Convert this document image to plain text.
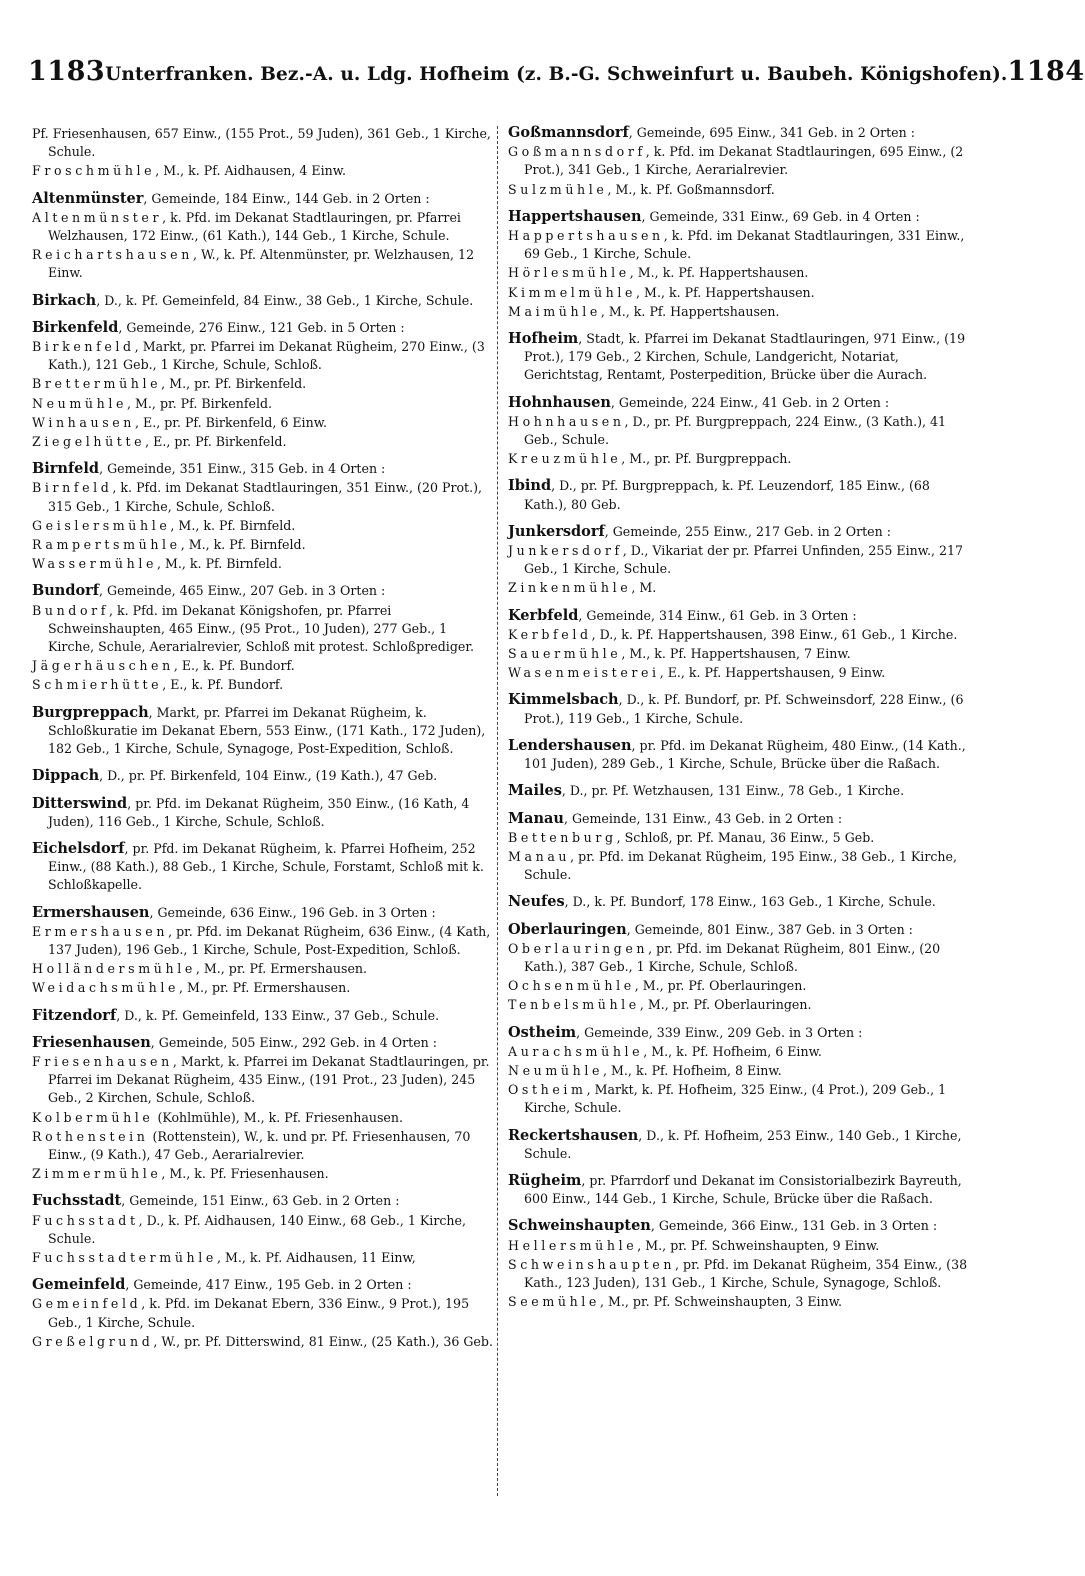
1183 Unterfranken. Bez.-A. u. Ldg. Hofheim (z. B.-G. Schweinfurt u. Baubeh. Königshofen). 1184

Pf. Friesenhausen, 657 Einw., (155 Prot., 59 Juden), 361 Geb., 1 Kirche, Schule.

Froschmühle, M., k. Pf. Aidhausen, 4 Einw.

Altenmünster, Gemeinde, 184 Einw., 144 Geb. in 2 Orten :

Altenmünster, k. Pfd. im Dekanat Stadtlauringen, pr. Pfarrei Welzhausen, 172 Einw., (61 Kath.), 144 Geb., 1 Kirche, Schule.

Reichartshausen, W., k. Pf. Altenmünster, pr. Welzhausen, 12 Einw.

Birkach, D., k. Pf. Gemeinfeld, 84 Einw., 38 Geb., 1 Kirche, Schule.

Birkenfeld, Gemeinde, 276 Einw., 121 Geb. in 5 Orten :

Birkenfeld, Markt, pr. Pfarrei im Dekanat Rügheim, 270 Einw., (3 Kath.), 121 Geb., 1 Kirche, Schule, Schloß.

Brettermühle, M., pr. Pf. Birkenfeld.

Neumühle, M., pr. Pf. Birkenfeld.

Winhausen, E., pr. Pf. Birkenfeld, 6 Einw.

Ziegelhütte, E., pr. Pf. Birkenfeld.

Birnfeld, Gemeinde, 351 Einw., 315 Geb. in 4 Orten :

Birnfeld, k. Pfd. im Dekanat Stadtlauringen, 351 Einw., (20 Prot.), 315 Geb., 1 Kirche, Schule, Schloß.

Geislersmühle, M., k. Pf. Birnfeld.

Rampertsmühle, M., k. Pf. Birnfeld.

Wassermühle, M., k. Pf. Birnfeld.

Bundorf, Gemeinde, 465 Einw., 207 Geb. in 3 Orten :

Bundorf, k. Pfd. im Dekanat Königshofen, pr. Pfarrei Schweinshaupten, 465 Einw., (95 Prot., 10 Juden), 277 Geb., 1 Kirche, Schule, Aerarialrevier, Schloß mit protest. Schloßprediger.

Jägerhäuschen, E., k. Pf. Bundorf.

Schmierhütte, E., k. Pf. Bundorf.

Burgpreppach, Markt, pr. Pfarrei im Dekanat Rügheim, k. Schloßkuratie im Dekanat Ebern, 553 Einw., (171 Kath., 172 Juden), 182 Geb., 1 Kirche, Schule, Synagoge, Post-Expedition, Schloß.

Dippach, D., pr. Pf. Birkenfeld, 104 Einw., (19 Kath.), 47 Geb.

Ditterswind, pr. Pfd. im Dekanat Rügheim, 350 Einw., (16 Kath, 4 Juden), 116 Geb., 1 Kirche, Schule, Schloß.

Eichelsdorf, pr. Pfd. im Dekanat Rügheim, k. Pfarrei Hofheim, 252 Einw., (88 Kath.), 88 Geb., 1 Kirche, Schule, Forstamt, Schloß mit k. Schloßkapelle.

Ermershausen, Gemeinde, 636 Einw., 196 Geb. in 3 Orten :

Ermershausen, pr. Pfd. im Dekanat Rügheim, 636 Einw., (4 Kath, 137 Juden), 196 Geb., 1 Kirche, Schule, Post-Expedition, Schloß.

Holländersmühle, M., pr. Pf. Ermershausen.

Weidachsmühle, M., pr. Pf. Ermershausen.

Fitzendorf, D., k. Pf. Gemeinfeld, 133 Einw., 37 Geb., Schule.

Friesenhausen, Gemeinde, 505 Einw., 292 Geb. in 4 Orten :

Friesenhausen, Markt, k. Pfarrei im Dekanat Stadtlauringen, pr. Pfarrei im Dekanat Rügheim, 435 Einw., (191 Prot., 23 Juden), 245 Geb., 2 Kirchen, Schule, Schloß.

Kolbermühle (Kohlmühle), M., k. Pf. Friesenhausen.

Rothenstein (Rottenstein), W., k. und pr. Pf. Friesenhausen, 70 Einw., (9 Kath.), 47 Geb., Aerarialrevier.

Zimmermühle, M., k. Pf. Friesenhausen.

Fuchsstadt, Gemeinde, 151 Einw., 63 Geb. in 2 Orten :

Fuchsstadt, D., k. Pf. Aidhausen, 140 Einw., 68 Geb., 1 Kirche, Schule.

Fuchsstadtermühle, M., k. Pf. Aidhausen, 11 Einw,

Gemeinfeld, Gemeinde, 417 Einw., 195 Geb. in 2 Orten :

Gemeinfeld, k. Pfd. im Dekanat Ebern, 336 Einw., 9 Prot.), 195 Geb., 1 Kirche, Schule.

Greßelgrund, W., pr. Pf. Ditterswind, 81 Einw., (25 Kath.), 36 Geb.

Goßmannsdorf, Gemeinde, 695 Einw., 341 Geb. in 2 Orten :

Goßmannsdorf, k. Pfd. im Dekanat Stadtlauringen, 695 Einw., (2 Prot.), 341 Geb., 1 Kirche, Aerarialrevier.

Sulzmühle, M., k. Pf. Goßmannsdorf.

Happertshausen, Gemeinde, 331 Einw., 69 Geb. in 4 Orten :

Happertshausen, k. Pfd. im Dekanat Stadtlauringen, 331 Einw., 69 Geb., 1 Kirche, Schule.

Hörlesmühle, M., k. Pf. Happertshausen.

Kimmelmühle, M., k. Pf. Happertshausen.

Maimühle, M., k. Pf. Happertshausen.

Hofheim, Stadt, k. Pfarrei im Dekanat Stadtlauringen, 971 Einw., (19 Prot.), 179 Geb., 2 Kirchen, Schule, Landgericht, Notariat, Gerichtstag, Rentamt, Posterpedition, Brücke über die Aurach.

Hohnhausen, Gemeinde, 224 Einw., 41 Geb. in 2 Orten :

Hohnhausen, D., pr. Pf. Burgpreppach, 224 Einw., (3 Kath.), 41 Geb., Schule.

Kreuzmühle, M., pr. Pf. Burgpreppach.

Ibind, D., pr. Pf. Burgpreppach, k. Pf. Leuzendorf, 185 Einw., (68 Kath.), 80 Geb.

Junkersdorf, Gemeinde, 255 Einw., 217 Geb. in 2 Orten :

Junkersdorf, D., Vikariat der pr. Pfarrei Unfinden, 255 Einw., 217 Geb., 1 Kirche, Schule.

Zinkenmühle, M.

Kerbfeld, Gemeinde, 314 Einw., 61 Geb. in 3 Orten :

Kerbfeld, D., k. Pf. Happertshausen, 398 Einw., 61 Geb., 1 Kirche.

Sauermühle, M., k. Pf. Happertshausen, 7 Einw.

Wasenmeisterei, E., k. Pf. Happertshausen, 9 Einw.

Kimmelsbach, D., k. Pf. Bundorf, pr. Pf. Schweinsdorf, 228 Einw., (6 Prot.), 119 Geb., 1 Kirche, Schule.

Lendershausen, pr. Pfd. im Dekanat Rügheim, 480 Einw., (14 Kath., 101 Juden), 289 Geb., 1 Kirche, Schule, Brücke über die Raßach.

Mailes, D., pr. Pf. Wetzhausen, 131 Einw., 78 Geb., 1 Kirche.

Manau, Gemeinde, 131 Einw., 43 Geb. in 2 Orten :

Bettenburg, Schloß, pr. Pf. Manau, 36 Einw., 5 Geb.

Manau, pr. Pfd. im Dekanat Rügheim, 195 Einw., 38 Geb., 1 Kirche, Schule.

Neufes, D., k. Pf. Bundorf, 178 Einw., 163 Geb., 1 Kirche, Schule.

Oberlauringen, Gemeinde, 801 Einw., 387 Geb. in 3 Orten :

Oberlauringen, pr. Pfd. im Dekanat Rügheim, 801 Einw., (20 Kath.), 387 Geb., 1 Kirche, Schule, Schloß.

Ochsenmühle, M., pr. Pf. Oberlauringen.

Tenbelsmühle, M., pr. Pf. Oberlauringen.

Ostheim, Gemeinde, 339 Einw., 209 Geb. in 3 Orten :

Aurachsmühle, M., k. Pf. Hofheim, 6 Einw.

Neumühle, M., k. Pf. Hofheim, 8 Einw.

Ostheim, Markt, k. Pf. Hofheim, 325 Einw., (4 Prot.), 209 Geb., 1 Kirche, Schule.

Reckertshausen, D., k. Pf. Hofheim, 253 Einw., 140 Geb., 1 Kirche, Schule.

Rügheim, pr. Pfarrdorf und Dekanat im Consistorialbezirk Bayreuth, 600 Einw., 144 Geb., 1 Kirche, Schule, Brücke über die Raßach.

Schweinshaupten, Gemeinde, 366 Einw., 131 Geb. in 3 Orten :

Hellersmühle, M., pr. Pf. Schweinshaupten, 9 Einw.

Schweinshaupten, pr. Pfd. im Dekanat Rügheim, 354 Einw., (38 Kath., 123 Juden), 131 Geb., 1 Kirche, Schule, Synagoge, Schloß.

Seemühle, M., pr. Pf. Schweinshaupten, 3 Einw.
